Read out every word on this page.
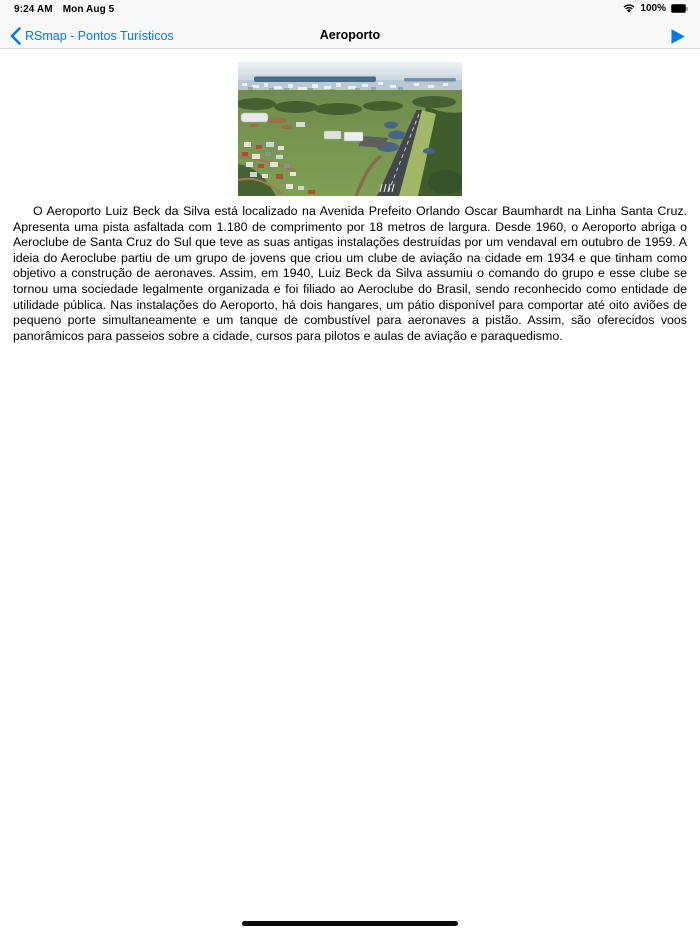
9:24 AM Mon Aug 5	100%
RSmap - Pontos Turísticos	Aeroporto

O Aeroporto Luiz Beck da Silva está localizado na Avenida Prefeito Orlando Oscar Baumhardt na Linha Santa Cruz. Apresenta uma pista asfaltada com 1.180 de comprimento por 18 metros de largura. Desde 1960, o Aeroporto abriga o Aeroclube de Santa Cruz do Sul que teve as suas antigas instalações destruídas por um vendaval em outubro de 1959. A ideia do Aeroclube partiu de um grupo de jovens que criou um clube de aviação na cidade em 1934 e que tinham como objetivo a construção de aeronaves. Assim, em 1940, Luiz Beck da Silva assumiu o comando do grupo e esse clube se tornou uma sociedade legalmente organizada e foi filiado ao Aeroclube do Brasil, sendo reconhecido como entidade de utilidade pública. Nas instalações do Aeroporto, há dois hangares, um pátio disponível para comportar até oito aviões de pequeno porte simultaneamente e um tanque de combustível para aeronaves a pistão. Assim, são oferecidos voos panorâmicos para passeios sobre a cidade, cursos para pilotos e aulas de aviação e paraquedismo.
